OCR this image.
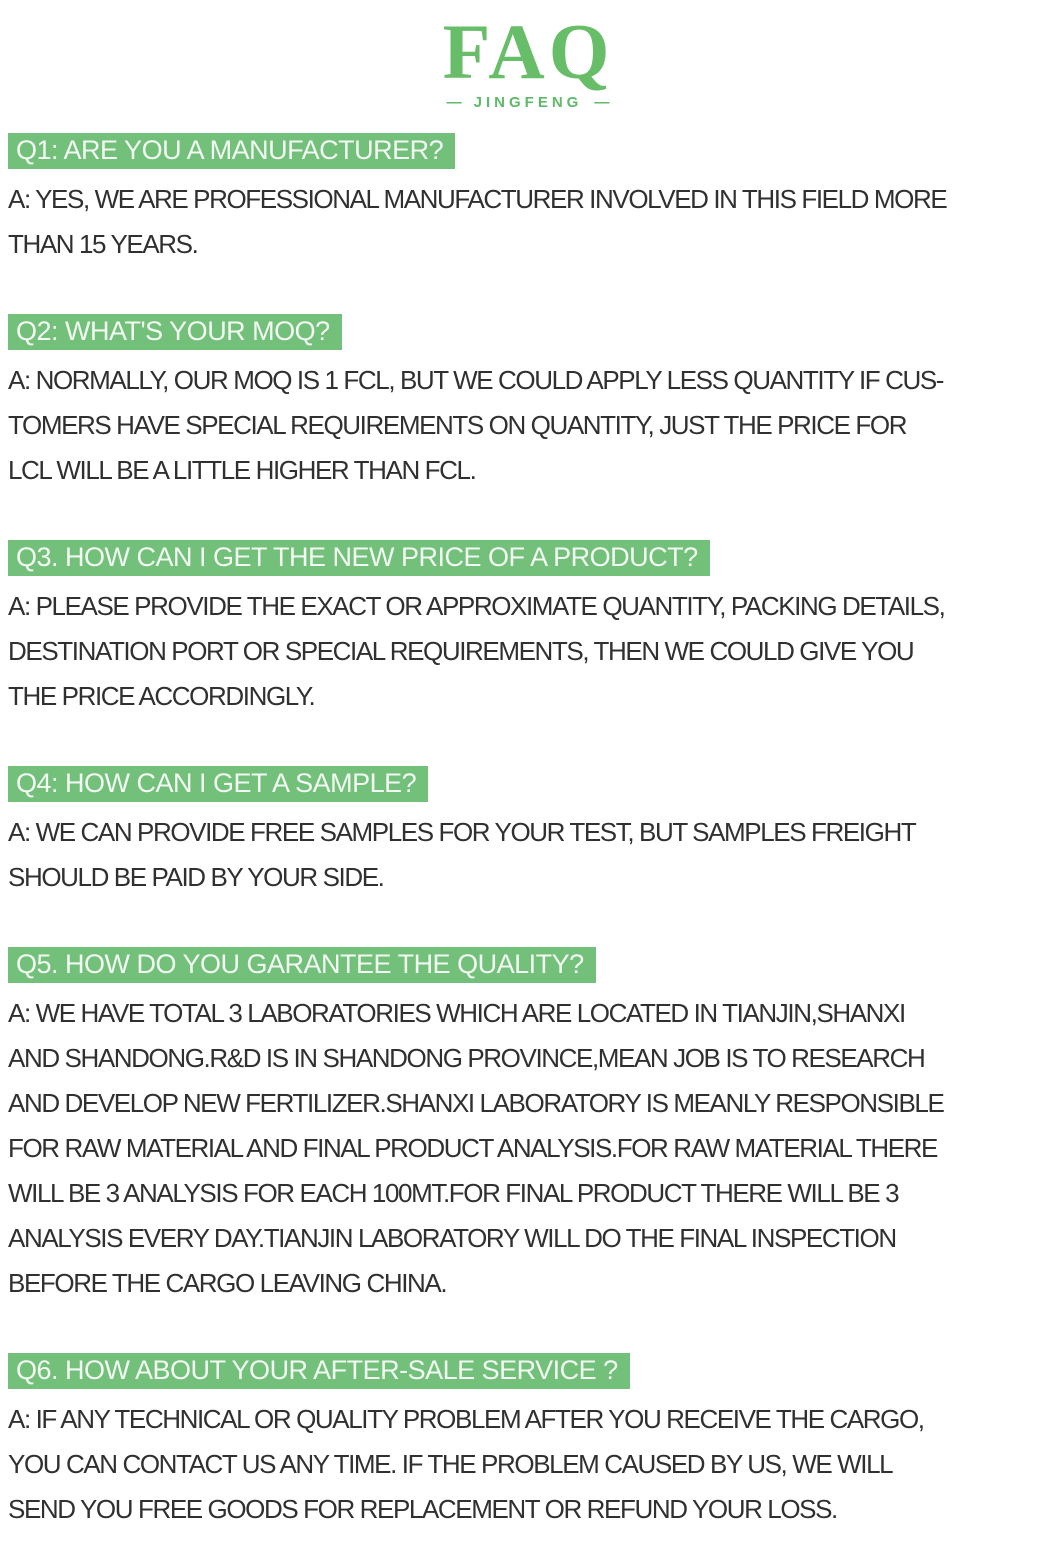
FAQ
— JINGFENG —
Q1: ARE YOU A MANUFACTURER?
A: YES, WE ARE PROFESSIONAL MANUFACTURER INVOLVED IN THIS FIELD MORE
THAN 15 YEARS.
Q2: WHAT'S YOUR MOQ?
A: NORMALLY, OUR MOQ IS 1 FCL, BUT WE COULD APPLY LESS QUANTITY IF CUS-
TOMERS HAVE SPECIAL REQUIREMENTS ON QUANTITY, JUST THE PRICE FOR
LCL WILL BE A LITTLE HIGHER THAN FCL.
Q3. HOW CAN I GET THE NEW PRICE OF A PRODUCT?
A: PLEASE PROVIDE THE EXACT OR APPROXIMATE QUANTITY, PACKING DETAILS,
DESTINATION PORT OR SPECIAL REQUIREMENTS, THEN WE COULD GIVE YOU
THE PRICE ACCORDINGLY.
Q4: HOW CAN I GET A SAMPLE?
A: WE CAN PROVIDE FREE SAMPLES FOR YOUR TEST, BUT SAMPLES FREIGHT
SHOULD BE PAID BY YOUR SIDE.
Q5. HOW DO YOU GARANTEE THE QUALITY?
A: WE HAVE TOTAL 3 LABORATORIES WHICH ARE LOCATED IN TIANJIN,SHANXI
AND SHANDONG.R&D IS IN SHANDONG PROVINCE,MEAN JOB IS TO RESEARCH
AND DEVELOP NEW FERTILIZER.SHANXI LABORATORY IS MEANLY RESPONSIBLE
FOR RAW MATERIAL AND FINAL PRODUCT ANALYSIS.FOR RAW MATERIAL THERE
WILL BE 3 ANALYSIS FOR EACH 100MT.FOR FINAL PRODUCT THERE WILL BE 3
ANALYSIS EVERY DAY.TIANJIN LABORATORY WILL DO THE FINAL INSPECTION
BEFORE THE CARGO LEAVING CHINA.
Q6. HOW ABOUT YOUR AFTER-SALE SERVICE ?
A: IF ANY TECHNICAL OR QUALITY PROBLEM AFTER YOU RECEIVE THE CARGO,
YOU CAN CONTACT US ANY TIME. IF THE PROBLEM CAUSED BY US, WE WILL
SEND YOU FREE GOODS FOR REPLACEMENT OR REFUND YOUR LOSS.
